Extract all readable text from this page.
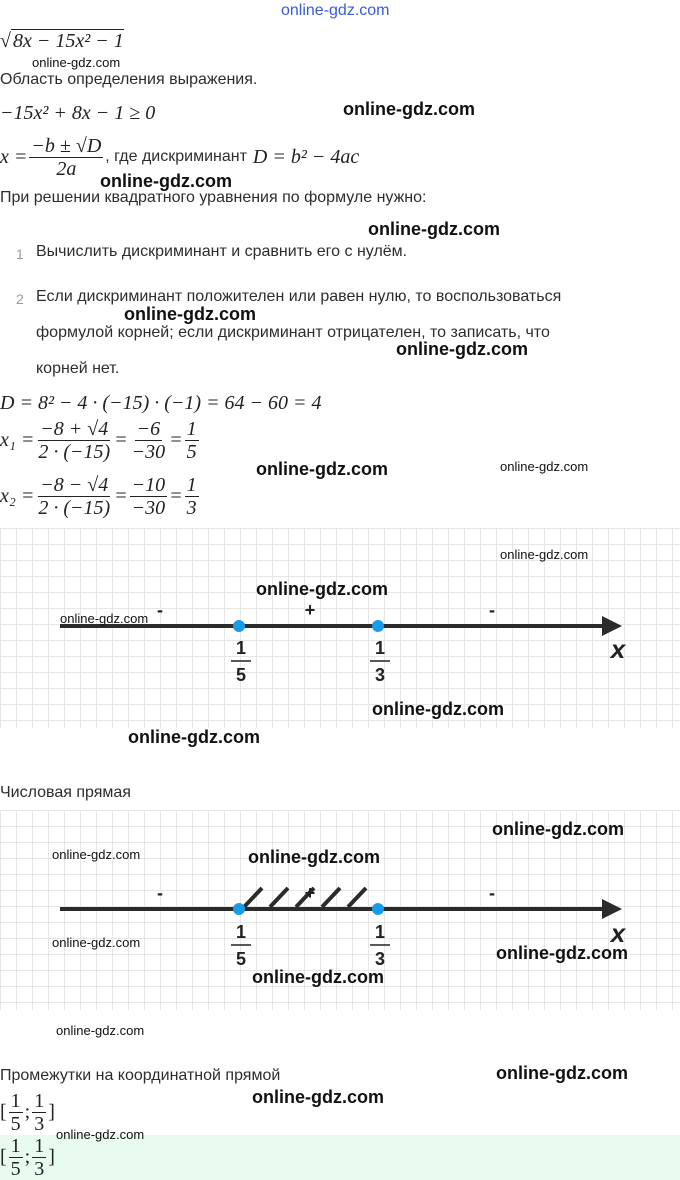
online-gdz.com
√ 8x − 15x² − 1
online-gdz.com
Область определения выражения.
−15x² + 8x − 1 ≥ 0	online-gdz.com
$x = \frac{-b \pm √D}{2a}$ , где дискриминант D = b² − 4ac
online-gdz.com
При решении квадратного уравнения по формуле нужно:
online-gdz.com
1 Вычислить дискриминант и сравнить его с нулём.
2 Если дискриминант положителен или равен нулю, то воспользоваться
online-gdz.com
формулой корней; если дискриминант отрицателен, то записать, что
online-gdz.com
корней нет.
D = 8² − 4 · (−15) · (−1) = 64 − 60 = 4
$x_1 = \frac{-8 + √4}{2 \cdot (-15)} = \frac{-6}{-30} = \frac{1}{5}$
online-gdz.com	online-gdz.com
$x_2 = \frac{-8 - √4}{2 \cdot (-15)} = \frac{-10}{-30} = \frac{1}{3}$
-	+	-
x
1
5
1
3
online-gdz.com
online-gdz.com
online-gdz.com
online-gdz.com
online-gdz.com
Числовая прямая
-	+	-
x
1
5
1
3
online-gdz.com
online-gdz.com	online-gdz.com
online-gdz.com
online-gdz.com
online-gdz.com
online-gdz.com
Промежутки на координатной прямой	online-gdz.com
online-gdz.com
[ $\frac{1}{5}$ ; $\frac{1}{3}$ ]
[ $\frac{1}{5}$ ; $\frac{1}{3}$ ]
online-gdz.com
